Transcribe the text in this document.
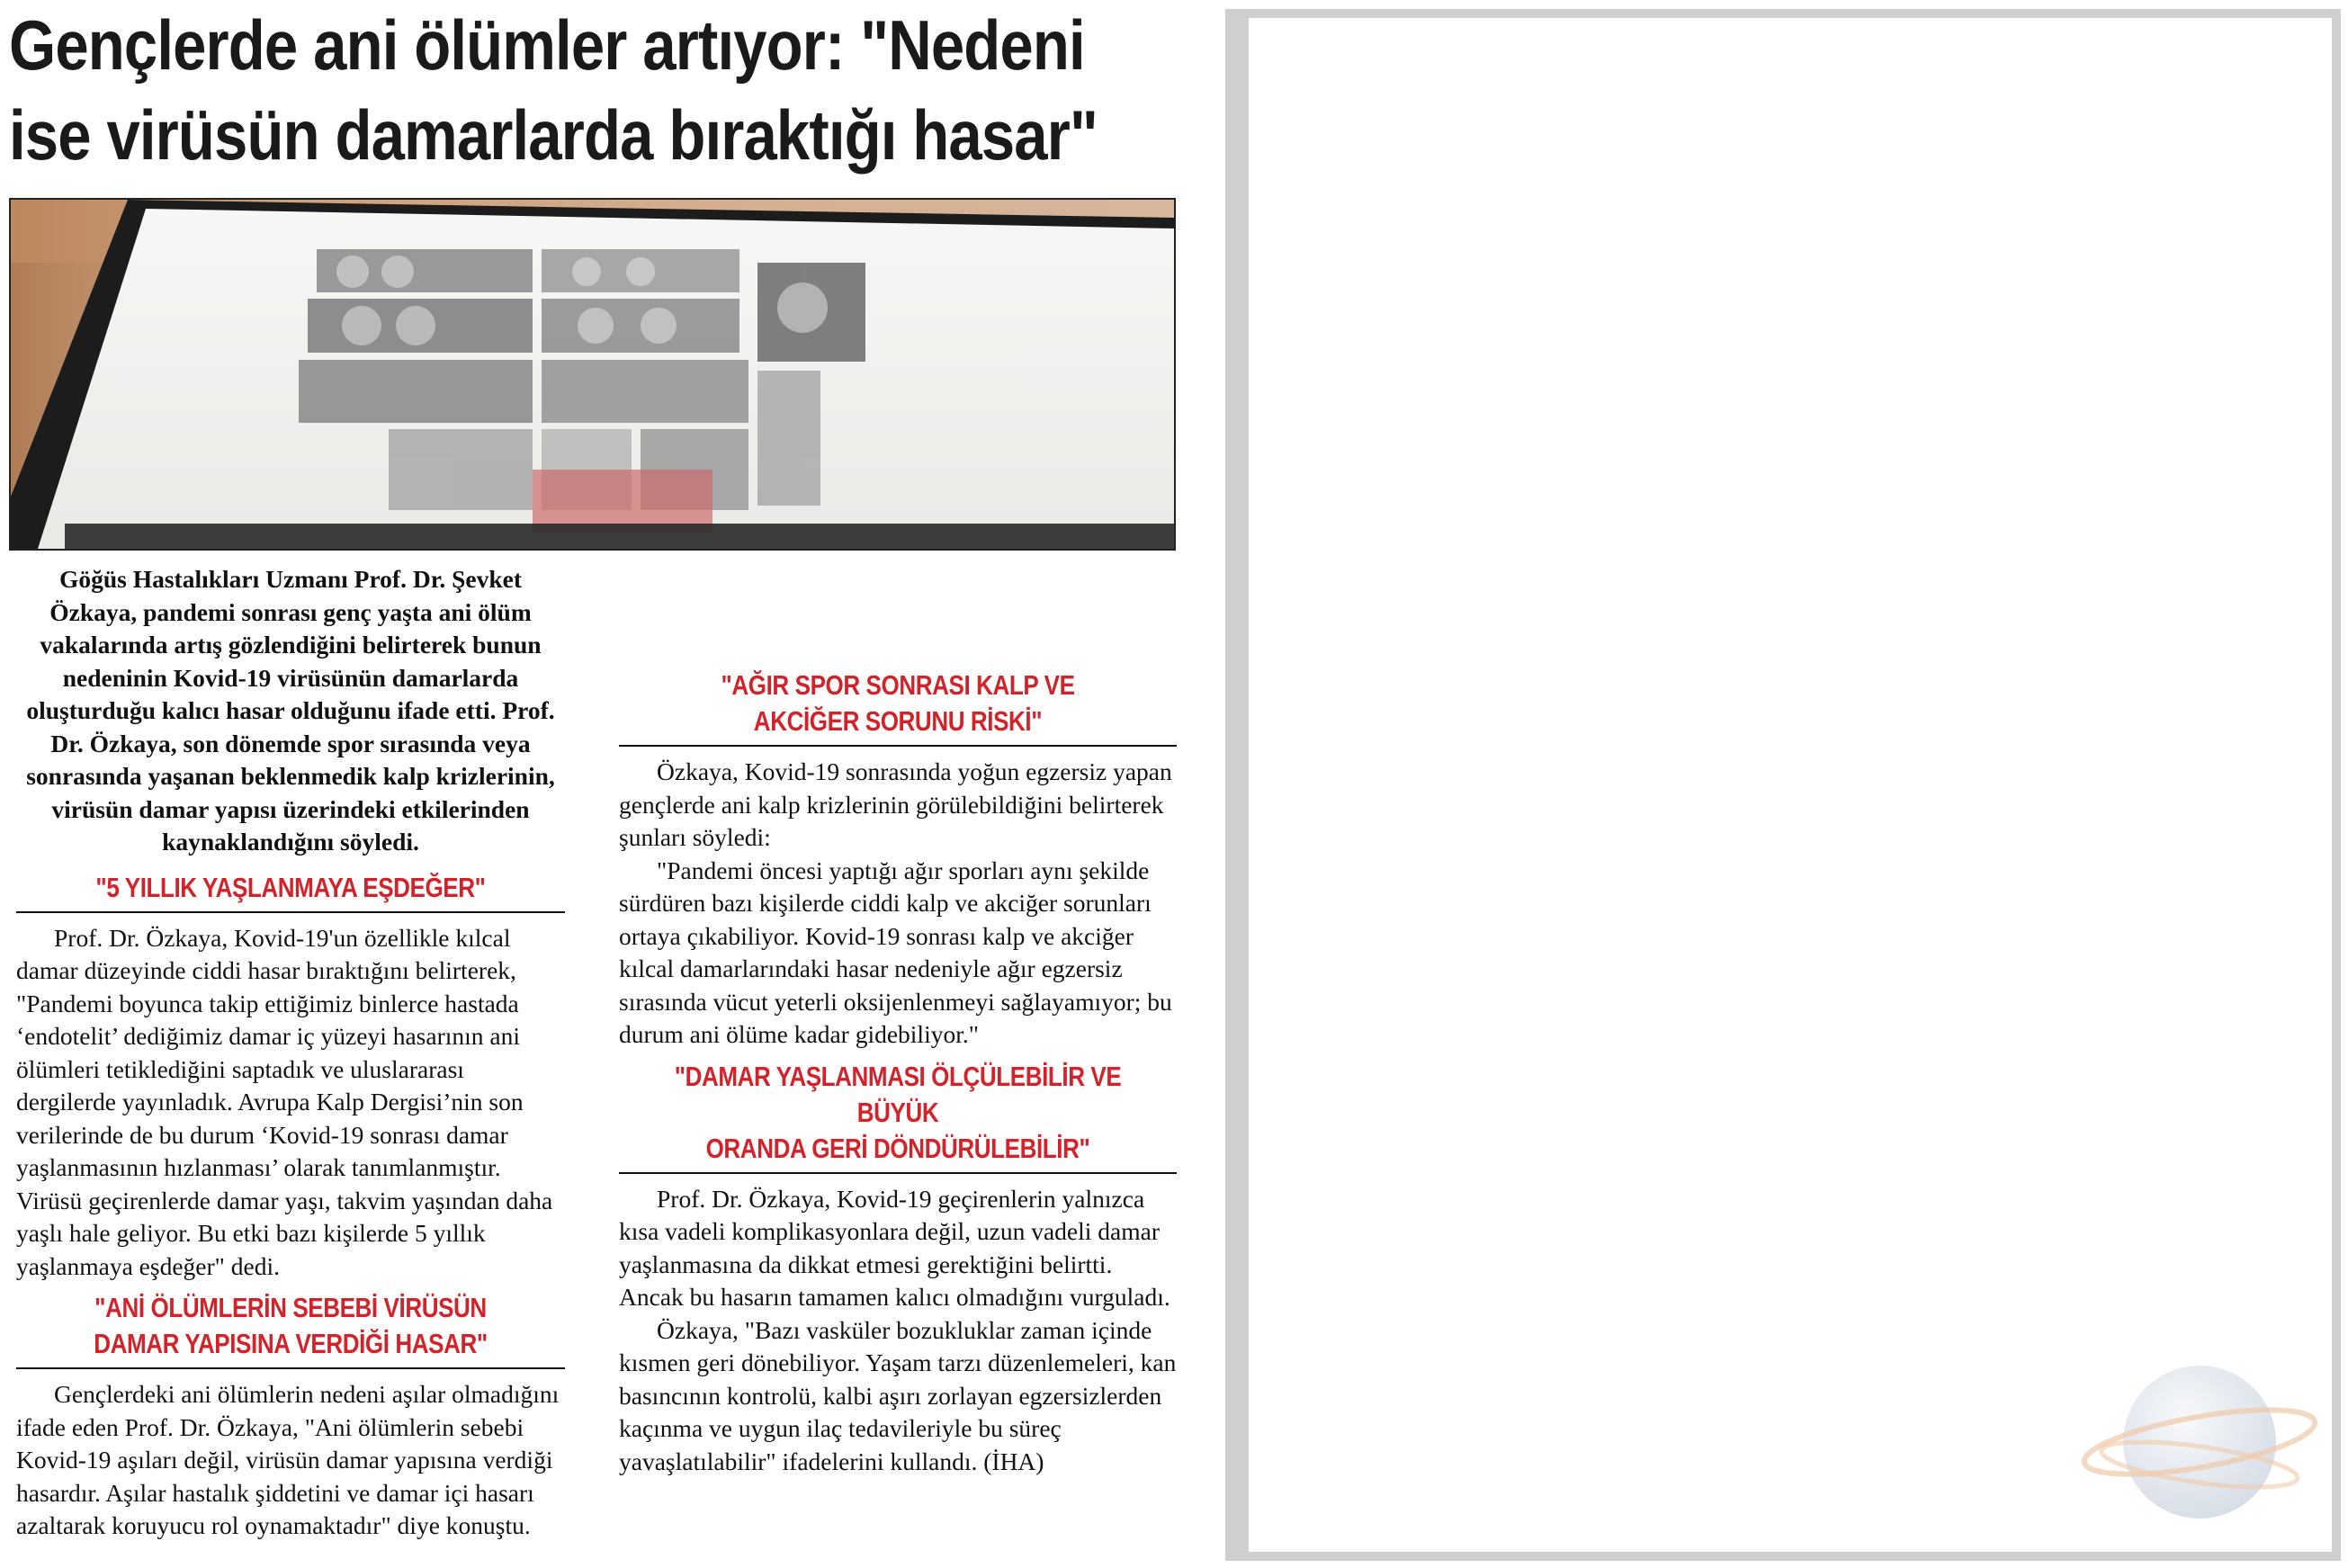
Gençlerde ani ölümler artıyor: "Nedeni
ise virüsün damarlarda bıraktığı hasar"

Göğüs Hastalıkları Uzmanı Prof. Dr. Şevket Özkaya, pandemi sonrası genç yaşta ani ölüm vakalarında artış gözlendiğini belirterek bunun nedeninin Kovid-19 virüsünün damarlarda oluşturduğu kalıcı hasar olduğunu ifade etti. Prof. Dr. Özkaya, son dönemde spor sırasında veya sonrasında yaşanan beklenmedik kalp krizlerinin, virüsün damar yapısı üzerindeki etkilerinden kaynaklandığını söyledi.

"5 YILLIK YAŞLANMAYA EŞDEĞER"

Prof. Dr. Özkaya, Kovid-19'un özellikle kılcal damar düzeyinde ciddi hasar bıraktığını belirterek, "Pandemi boyunca takip ettiğimiz binlerce hastada ‘endotelit’ dediğimiz damar iç yüzeyi hasarının ani ölümleri tetiklediğini saptadık ve uluslararası dergilerde yayınladık. Avrupa Kalp Dergisi’nin son verilerinde de bu durum ‘Kovid-19 sonrası damar yaşlanmasının hızlanması’ olarak tanımlanmıştır. Virüsü geçirenlerde damar yaşı, takvim yaşından daha yaşlı hale geliyor. Bu etki bazı kişilerde 5 yıllık yaşlanmaya eşdeğer" dedi.

"ANİ ÖLÜMLERİN SEBEBİ VİRÜSÜN

DAMAR YAPISINA VERDİĞİ HASAR"

Gençlerdeki ani ölümlerin nedeni aşılar olmadığını ifade eden Prof. Dr. Özkaya, "Ani ölümlerin sebebi Kovid-19 aşıları değil, virüsün damar yapısına verdiği hasardır. Aşılar hastalık şiddetini ve damar içi hasarı azaltarak koruyucu rol oynamaktadır" diye konuştu.

"AĞIR SPOR SONRASI KALP VE

AKCİĞER SORUNU RİSKİ"

Özkaya, Kovid-19 sonrasında yoğun egzersiz yapan gençlerde ani kalp krizlerinin görülebildiğini belirterek şunları söyledi:

"Pandemi öncesi yaptığı ağır sporları aynı şekilde sürdüren bazı kişilerde ciddi kalp ve akciğer sorunları ortaya çıkabiliyor. Kovid-19 sonrası kalp ve akciğer kılcal damarlarındaki hasar nedeniyle ağır egzersiz sırasında vücut yeterli oksijenlenmeyi sağlayamıyor; bu durum ani ölüme kadar gidebiliyor."

"DAMAR YAŞLANMASI ÖLÇÜLEBİLİR VE BÜYÜK

ORANDA GERİ DÖNDÜRÜLEBİLİR"

Prof. Dr. Özkaya, Kovid-19 geçirenlerin yalnızca kısa vadeli komplikasyonlara değil, uzun vadeli damar yaşlanmasına da dikkat etmesi gerektiğini belirtti. Ancak bu hasarın tamamen kalıcı olmadığını vurguladı.

Özkaya, "Bazı vasküler bozukluklar zaman içinde kısmen geri dönebiliyor. Yaşam tarzı düzenlemeleri, kan basıncının kontrolü, kalbi aşırı zorlayan egzersizlerden kaçınma ve uygun ilaç tedavileriyle bu süreç yavaşlatılabilir" ifadelerini kullandı. (İHA)
